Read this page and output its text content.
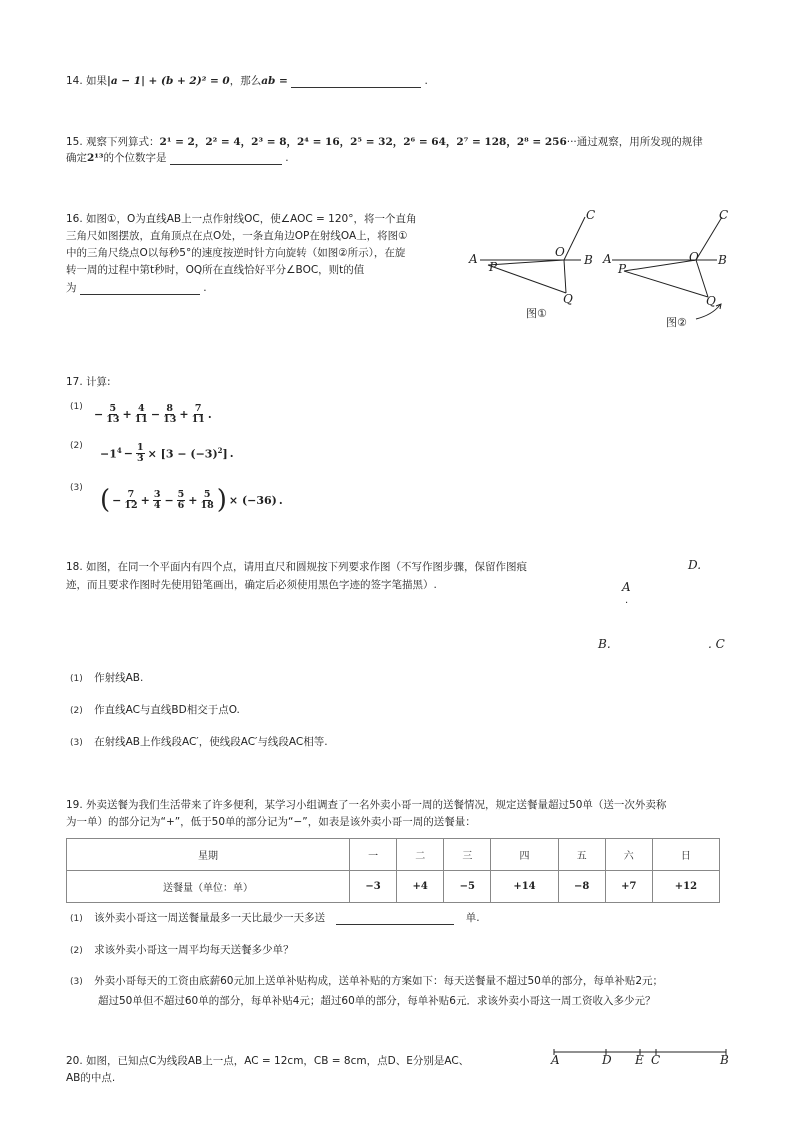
14. 如果|a − 1| + (b + 2)² = 0，那么ab =	.
15. 观察下列算式：2¹ = 2，2² = 4，2³ = 8，2⁴ = 16，2⁵ = 32，2⁶ = 64，2⁷ = 128，2⁸ = 256···通过观察，用所发现的规律
确定2¹³的个位数字是	.
16. 如图①，O为直线AB上一点作射线OC，使∠AOC = 120°，将一个直角
三角尺如图摆放，直角顶点在点O处，一条直角边OP在射线OA上，将图①
中的三角尺绕点O以每秒5°的速度按逆时针方向旋转（如图②所示），在旋
转一周的过程中第t秒时，OQ所在直线恰好平分∠BOC，则t的值
为	.
A	B
C
O
P
Q
图①
A	B
C
O
P
Q
图②
17. 计算:
(1)
− $\frac{5}{13} + \frac{4}{11} - \frac{8}{13} + \frac{7}{11}$ .
(2)
$-1^4 - \frac{1}{3} \times [3 - (-3)^2]$ .
(3) ( − $\frac{7}{12} + \frac{3}{4} - \frac{5}{6} + \frac{5}{18}$ ) × (−36) .
18. 如图，在同一个平面内有四个点，请用直尺和圆规按下列要求作图（不写作图步骤，保留作图痕
迹，而且要求作图时先使用铅笔画出，确定后必须使用黑色字迹的签字笔描黑）.
D.
A
.
B.	. C
(1) 作射线AB.
(2) 作直线AC与直线BD相交于点O.
(3) 在射线AB上作线段AC′，使线段AC′与线段AC相等.
19. 外卖送餐为我们生活带来了许多便利，某学习小组调查了一名外卖小哥一周的送餐情况，规定送餐量超过50单（送一次外卖称
为一单）的部分记为“+”，低于50单的部分记为“−”，如表是该外卖小哥一周的送餐量：
星期	一	二	三	四	五	六	日
送餐量（单位：单）	−3	+4	−5	+14	−8	+7	+12
(1) 该外卖小哥这一周送餐量最多一天比最少一天多送	单.
(2) 求该外卖小哥这一周平均每天送餐多少单？
(3) 外卖小哥每天的工资由底薪60元加上送单补贴构成，送单补贴的方案如下：每天送餐量不超过50单的部分，每单补贴2元；
超过50单但不超过60单的部分，每单补贴4元；超过60单的部分，每单补贴6元．求该外卖小哥这一周工资收入多少元？
20. 如图，已知点C为线段AB上一点，AC = 12cm，CB = 8cm，点D、E分别是AC、
AB的中点.
A	D E C	B
